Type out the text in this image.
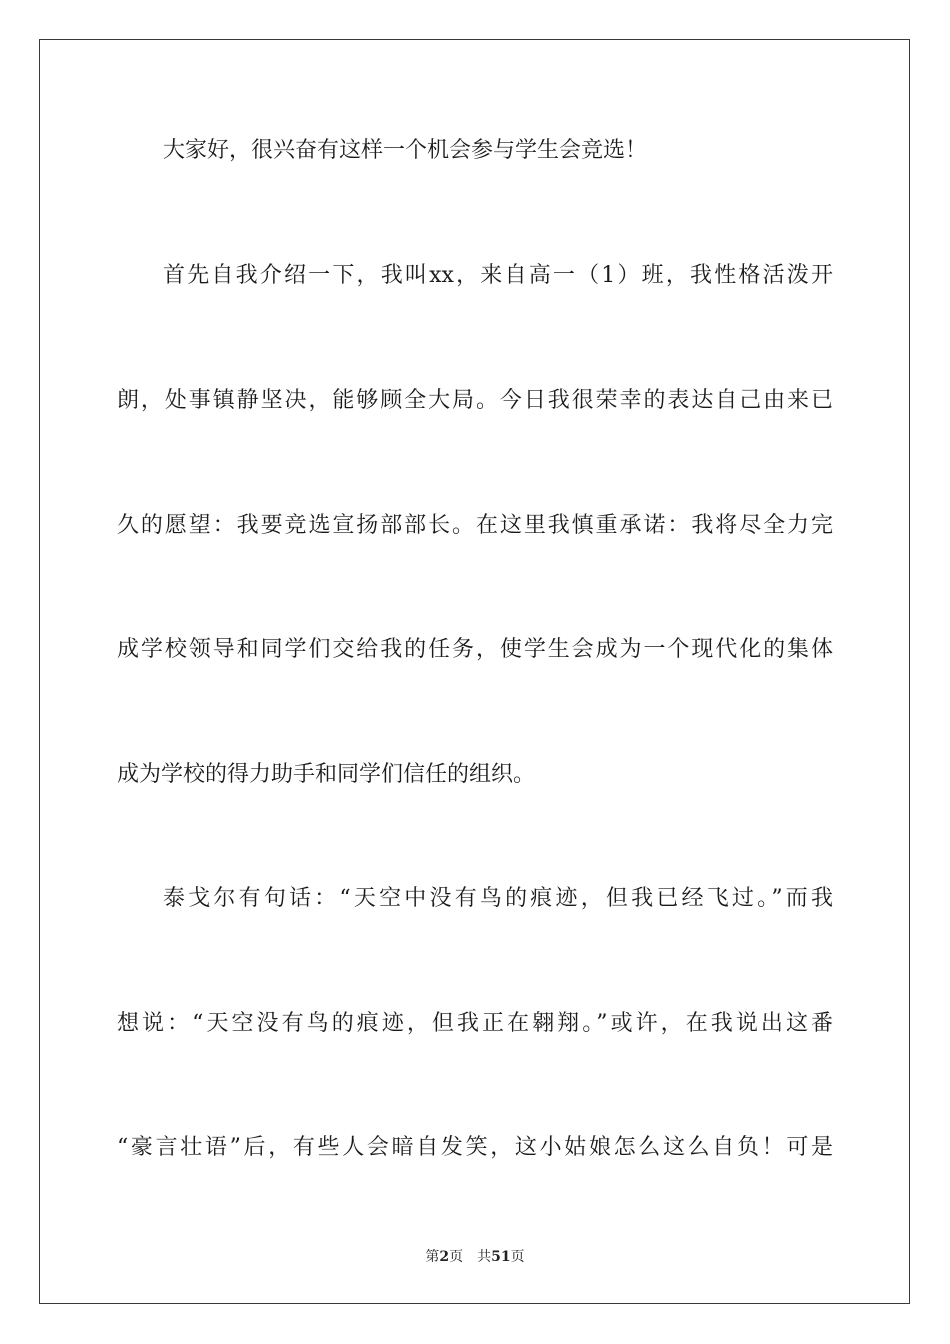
大家好，很兴奋有这样一个机会参与学生会竞选！
首先自我介绍一下，我叫xx，来自高一（1）班，我性格活泼开
朗，处事镇静坚决，能够顾全大局。今日我很荣幸的表达自己由来已
久的愿望：我要竞选宣扬部部长。在这里我慎重承诺：我将尽全力完
成学校领导和同学们交给我的任务，使学生会成为一个现代化的集体
成为学校的得力助手和同学们信任的组织。
泰戈尔有句话：“天空中没有鸟的痕迹，但我已经飞过。”而我
想说：“天空没有鸟的痕迹，但我正在翱翔。”或许，在我说出这番
“豪言壮语”后，有些人会暗自发笑，这小姑娘怎么这么自负！可是
第2页 共51页
